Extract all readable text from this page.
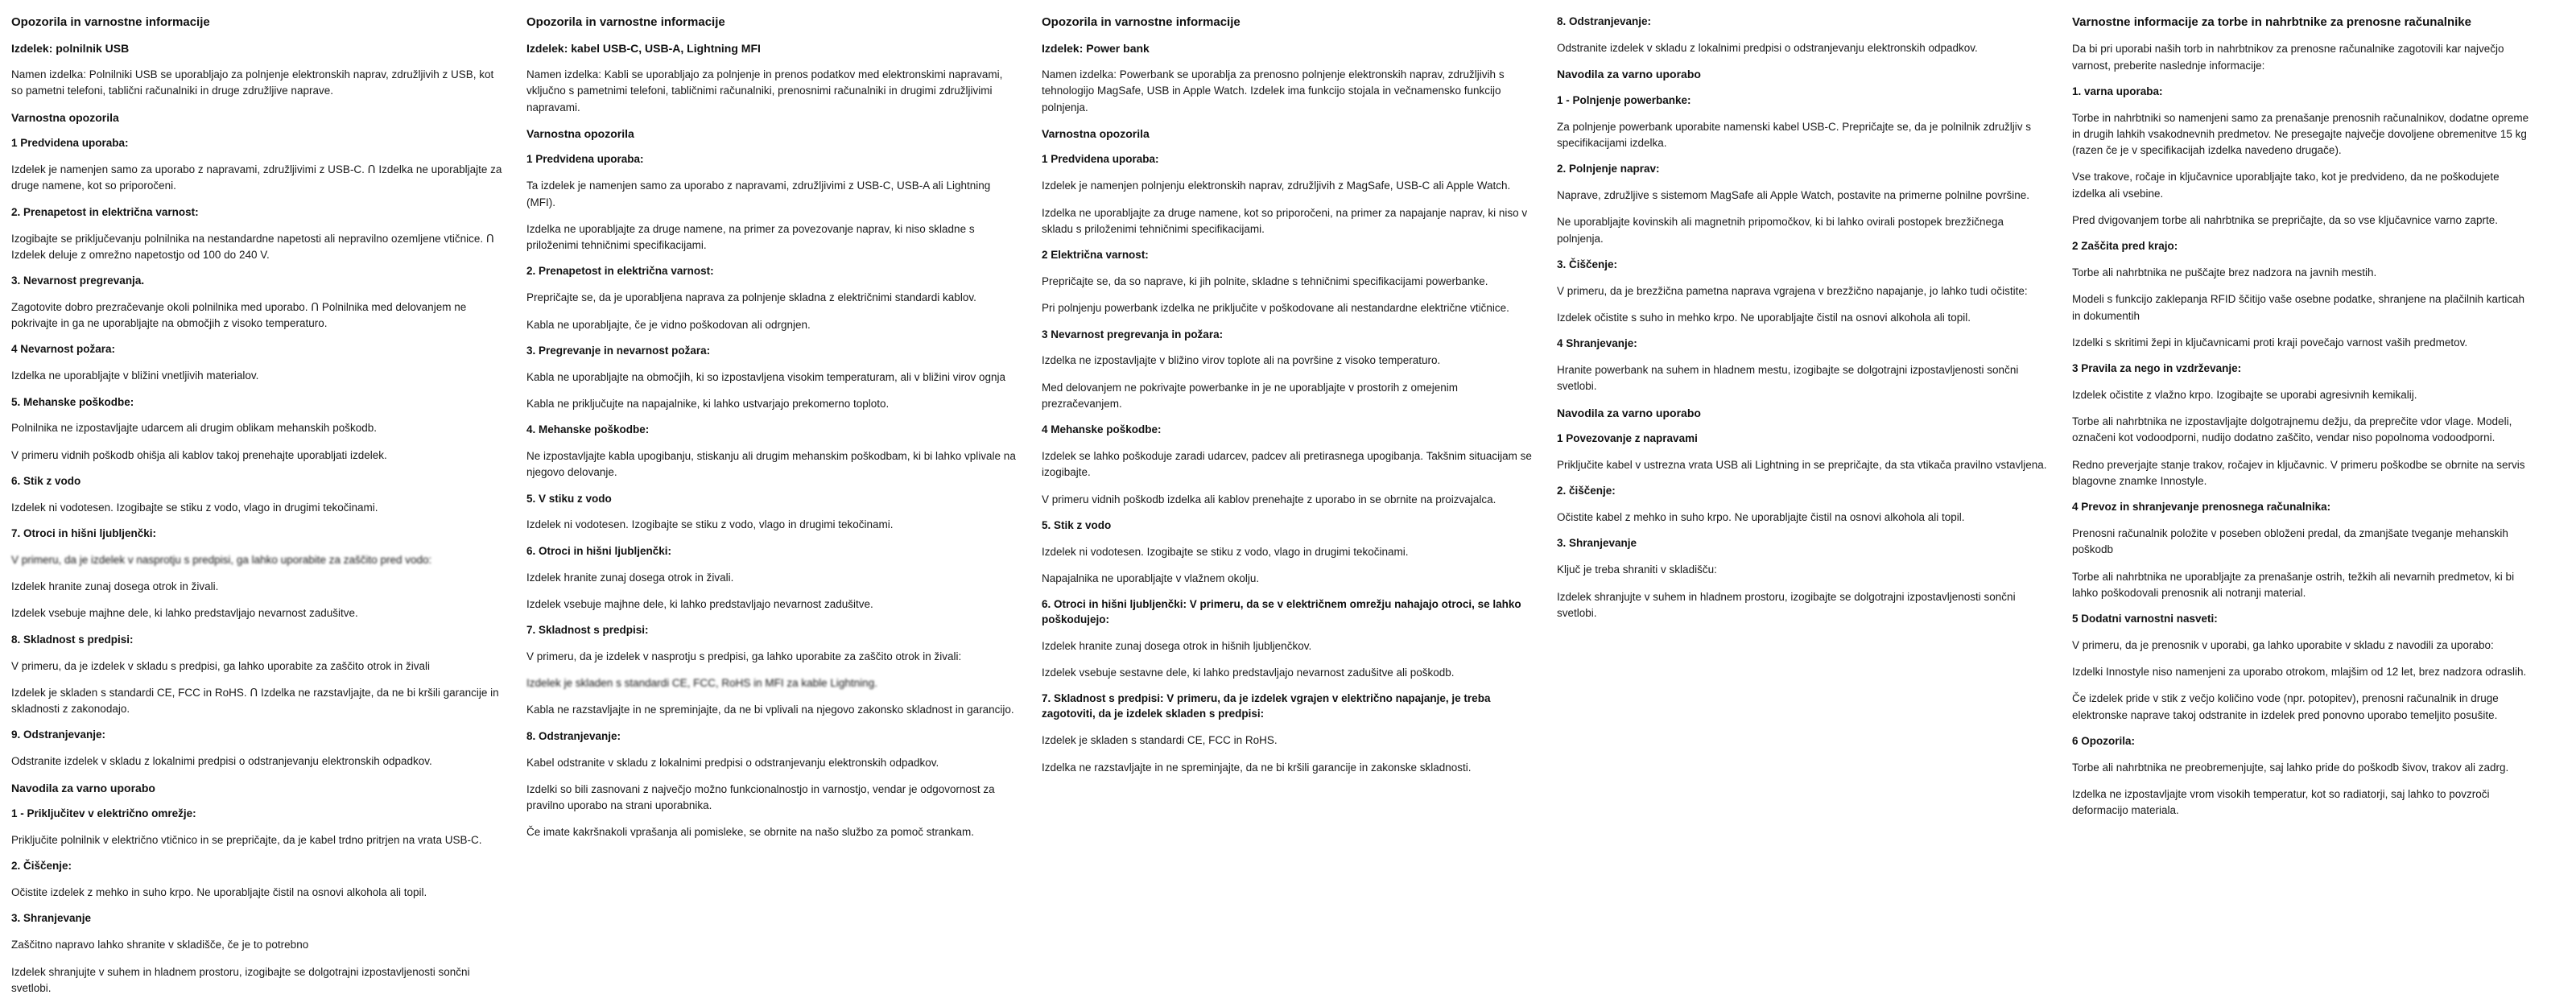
Opozorila in varnostne informacije
Izdelek: polnilnik USB
Namen izdelka: Polnilniki USB se uporabljajo za polnjenje elektronskih naprav, združljivih z USB, kot so pametni telefoni, tablični računalniki in druge združljive naprave.
Varnostna opozorila
1 Predvidena uporaba:
Izdelek je namenjen samo za uporabo z napravami, združljivimi z USB-C. Ո Izdelka ne uporabljajte za druge namene, kot so priporočeni.
2. Prenapetost in električna varnost:
Izogibajte se priključevanju polnilnika na nestandardne napetosti ali nepravilno ozemljene vtičnice. Ո Izdelek deluje z omrežno napetostjo od 100 do 240 V.
3. Nevarnost pregrevanja.
Zagotovite dobro prezračevanje okoli polnilnika med uporabo. Ո Polnilnika med delovanjem ne pokrivajte in ga ne uporabljajte na območjih z visoko temperaturo.
4 Nevarnost požara:
Izdelka ne uporabljajte v bližini vnetljivih materialov.
5. Mehanske poškodbe:
Polnilnika ne izpostavljajte udarcem ali drugim oblikam mehanskih poškodb.
V primeru vidnih poškodb ohišja ali kablov takoj prenehajte uporabljati izdelek.
6. Stik z vodo
Izdelek ni vodotesen. Izogibajte se stiku z vodo, vlago in drugimi tekočinami.
7. Otroci in hišni ljubljenčki:
V primeru, da je izdelek v nasprotju s predpisi, ga lahko uporabite za zaščito pred vodo:
Izdelek hranite zunaj dosega otrok in živali.
Izdelek vsebuje majhne dele, ki lahko predstavljajo nevarnost zadušitve.
8. Skladnost s predpisi:
V primeru, da je izdelek v skladu s predpisi, ga lahko uporabite za zaščito otrok in živali
Izdelek je skladen s standardi CE, FCC in RoHS. Ո Izdelka ne razstavljajte, da ne bi kršili garancije in skladnosti z zakonodajo.
9. Odstranjevanje:
Odstranite izdelek v skladu z lokalnimi predpisi o odstranjevanju elektronskih odpadkov.
Navodila za varno uporabo
1 - Priključitev v električno omrežje:
Priključite polnilnik v električno vtičnico in se prepričajte, da je kabel trdno pritrjen na vrata USB-C.
2. Čiščenje:
Očistite izdelek z mehko in suho krpo. Ne uporabljajte čistil na osnovi alkohola ali topil.
3. Shranjevanje
Zaščitno napravo lahko shranite v skladišče, če je to potrebno
Izdelek shranjujte v suhem in hladnem prostoru, izogibajte se dolgotrajni izpostavljenosti sončni svetlobi.
Opozorila in varnostne informacije
Izdelek: kabel USB-C, USB-A, Lightning MFI
Namen izdelka: Kabli se uporabljajo za polnjenje in prenos podatkov med elektronskimi napravami, vključno s pametnimi telefoni, tabličnimi računalniki, prenosnimi računalniki in drugimi združljivimi napravami.
Varnostna opozorila
1 Predvidena uporaba:
Ta izdelek je namenjen samo za uporabo z napravami, združljivimi z USB-C, USB-A ali Lightning (MFI).
Izdelka ne uporabljajte za druge namene, na primer za povezovanje naprav, ki niso skladne s priloženimi tehničnimi specifikacijami.
2. Prenapetost in električna varnost:
Prepričajte se, da je uporabljena naprava za polnjenje skladna z električnimi standardi kablov.
Kabla ne uporabljajte, če je vidno poškodovan ali odrgnjen.
3. Pregrevanje in nevarnost požara:
Kabla ne uporabljajte na območjih, ki so izpostavljena visokim temperaturam, ali v bližini virov ognja
Kabla ne priključujte na napajalnike, ki lahko ustvarjajo prekomerno toploto.
4. Mehanske poškodbe:
Ne izpostavljajte kabla upogibanju, stiskanju ali drugim mehanskim poškodbam, ki bi lahko vplivale na njegovo delovanje.
5. V stiku z vodo
Izdelek ni vodotesen. Izogibajte se stiku z vodo, vlago in drugimi tekočinami.
6. Otroci in hišni ljubljenčki:
Izdelek hranite zunaj dosega otrok in živali.
Izdelek vsebuje majhne dele, ki lahko predstavljajo nevarnost zadušitve.
7. Skladnost s predpisi:
V primeru, da je izdelek v nasprotju s predpisi, ga lahko uporabite za zaščito otrok in živali:
Izdelek je skladen s standardi CE, FCC, RoHS in MFI za kable Lightning.
Kabla ne razstavljajte in ne spreminjajte, da ne bi vplivali na njegovo zakonsko skladnost in garancijo.
8. Odstranjevanje:
Kabel odstranite v skladu z lokalnimi predpisi o odstranjevanju elektronskih odpadkov.
Izdelki so bili zasnovani z največjo možno funkcionalnostjo in varnostjo, vendar je odgovornost za pravilno uporabo na strani uporabnika.
Če imate kakršnakoli vprašanja ali pomisleke, se obrnite na našo službo za pomoč strankam.
Opozorila in varnostne informacije
Izdelek: Power bank
Namen izdelka: Powerbank se uporablja za prenosno polnjenje elektronskih naprav, združljivih s tehnologijo MagSafe, USB in Apple Watch. Izdelek ima funkcijo stojala in večnamensko funkcijo polnjenja.
Varnostna opozorila
1 Predvidena uporaba:
Izdelek je namenjen polnjenju elektronskih naprav, združljivih z MagSafe, USB-C ali Apple Watch.
Izdelka ne uporabljajte za druge namene, kot so priporočeni, na primer za napajanje naprav, ki niso v skladu s priloženimi tehničnimi specifikacijami.
2 Električna varnost:
Prepričajte se, da so naprave, ki jih polnite, skladne s tehničnimi specifikacijami powerbanke.
Pri polnjenju powerbank izdelka ne priključite v poškodovane ali nestandardne električne vtičnice.
3 Nevarnost pregrevanja in požara:
Izdelka ne izpostavljajte v bližino virov toplote ali na površine z visoko temperaturo.
Med delovanjem ne pokrivajte powerbanke in je ne uporabljajte v prostorih z omejenim prezračevanjem.
4 Mehanske poškodbe:
Izdelek se lahko poškoduje zaradi udarcev, padcev ali pretirasnega upogibanja. Takšnim situacijam se izogibajte.
V primeru vidnih poškodb izdelka ali kablov prenehajte z uporabo in se obrnite na proizvajalca.
5. Stik z vodo
Izdelek ni vodotesen. Izogibajte se stiku z vodo, vlago in drugimi tekočinami.
Napajalnika ne uporabljajte v vlažnem okolju.
6. Otroci in hišni ljubljenčki: V primeru, da se v električnem omrežju nahajajo otroci, se lahko poškodujejo:
Izdelek hranite zunaj dosega otrok in hišnih ljubljenčkov.
Izdelek vsebuje sestavne dele, ki lahko predstavljajo nevarnost zadušitve ali poškodb.
7. Skladnost s predpisi: V primeru, da je izdelek vgrajen v električno napajanje, je treba zagotoviti, da je izdelek skladen s predpisi:
Izdelek je skladen s standardi CE, FCC in RoHS.
Izdelka ne razstavljajte in ne spreminjajte, da ne bi kršili garancije in zakonske skladnosti.
8. Odstranjevanje:
Odstranite izdelek v skladu z lokalnimi predpisi o odstranjevanju elektronskih odpadkov.
Navodila za varno uporabo
1 - Polnjenje powerbanke:
Za polnjenje powerbank uporabite namenski kabel USB-C. Prepričajte se, da je polnilnik združljiv s specifikacijami izdelka.
2. Polnjenje naprav:
Naprave, združljive s sistemom MagSafe ali Apple Watch, postavite na primerne polnilne površine.
Ne uporabljajte kovinskih ali magnetnih pripomočkov, ki bi lahko ovirali postopek brezžičnega polnjenja.
3. Čiščenje:
V primeru, da je brezžična pametna naprava vgrajena v brezžično napajanje, jo lahko tudi očistite:
Izdelek očistite s suho in mehko krpo. Ne uporabljajte čistil na osnovi alkohola ali topil.
4 Shranjevanje:
Hranite powerbank na suhem in hladnem mestu, izogibajte se dolgotrajni izpostavljenosti sončni svetlobi.
Navodila za varno uporabo
1 Povezovanje z napravami
Priključite kabel v ustrezna vrata USB ali Lightning in se prepričajte, da sta vtikača pravilno vstavljena.
2. čiščenje:
Očistite kabel z mehko in suho krpo. Ne uporabljajte čistil na osnovi alkohola ali topil.
3. Shranjevanje
Ključ je treba shraniti v skladišču:
Izdelek shranjujte v suhem in hladnem prostoru, izogibajte se dolgotrajni izpostavljenosti sončni svetlobi.
Varnostne informacije za torbe in nahrbtnike za prenosne računalnike
Da bi pri uporabi naših torb in nahrbtnikov za prenosne računalnike zagotovili kar največjo varnost, preberite naslednje informacije:
1. varna uporaba:
Torbe in nahrbtniki so namenjeni samo za prenašanje prenosnih računalnikov, dodatne opreme in drugih lahkih vsakodnevnih predmetov. Ne presegajte največje dovoljene obremenitve 15 kg (razen če je v specifikacijah izdelka navedeno drugače).
Vse trakove, ročaje in ključavnice uporabljajte tako, kot je predvideno, da ne poškodujete izdelka ali vsebine.
Pred dvigovanjem torbe ali nahrbtnika se prepričajte, da so vse ključavnice varno zaprte.
2 Zaščita pred krajo:
Torbe ali nahrbtnika ne puščajte brez nadzora na javnih mestih.
Modeli s funkcijo zaklepanja RFID ščitijo vaše osebne podatke, shranjene na plačilnih karticah in dokumentih
Izdelki s skritimi žepi in ključavnicami proti kraji povečajo varnost vaših predmetov.
3 Pravila za nego in vzdrževanje:
Izdelek očistite z vlažno krpo. Izogibajte se uporabi agresivnih kemikalij.
Torbe ali nahrbtnika ne izpostavljajte dolgotrajnemu dežju, da preprečite vdor vlage. Modeli, označeni kot vodoodporni, nudijo dodatno zaščito, vendar niso popolnoma vodoodporni.
Redno preverjajte stanje trakov, ročajev in ključavnic. V primeru poškodbe se obrnite na servis blagovne znamke Innostyle.
4 Prevoz in shranjevanje prenosnega računalnika:
Prenosni računalnik položite v poseben obloženi predal, da zmanjšate tveganje mehanskih poškodb
Torbe ali nahrbtnika ne uporabljajte za prenašanje ostrih, težkih ali nevarnih predmetov, ki bi lahko poškodovali prenosnik ali notranji material.
5 Dodatni varnostni nasveti:
V primeru, da je prenosnik v uporabi, ga lahko uporabite v skladu z navodili za uporabo:
Izdelki Innostyle niso namenjeni za uporabo otrokom, mlajšim od 12 let, brez nadzora odraslih.
Če izdelek pride v stik z večjo količino vode (npr. potopitev), prenosni računalnik in druge elektronske naprave takoj odstranite in izdelek pred ponovno uporabo temeljito posušite.
6 Opozorila:
Torbe ali nahrbtnika ne preobremenjujte, saj lahko pride do poškodb šivov, trakov ali zadrg.
Izdelka ne izpostavljajte vrom visokih temperatur, kot so radiatorji, saj lahko to povzroči deformacijo materiala.
